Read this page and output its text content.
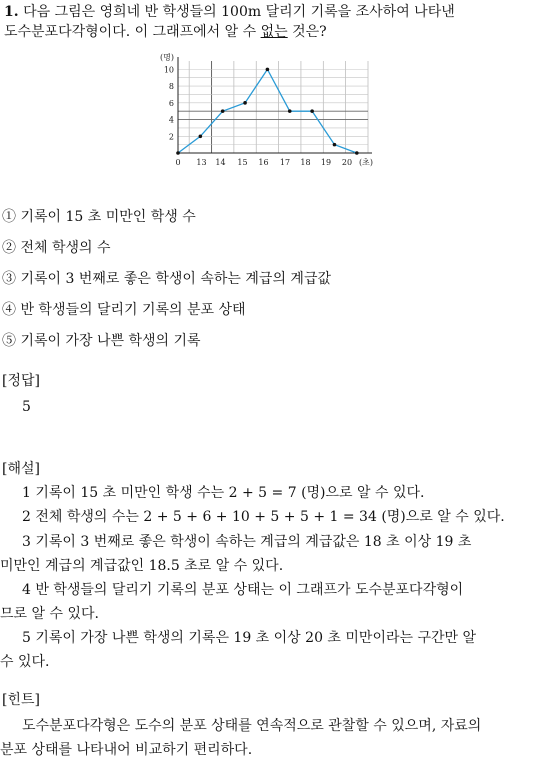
1. 다음 그림은 영희네 반 학생들의 100m 달리기 기록을 조사하여 나타낸
도수분포다각형이다. 이 그래프에서 알 수 없는 것은?
2
4
6
8
10
(명)
0 13 14 15 16 17 18 19 20 (초)
① 기록이 15 초 미만인 학생 수
② 전체 학생의 수
③ 기록이 3 번째로 좋은 학생이 속하는 계급의 계급값
④ 반 학생들의 달리기 기록의 분포 상태
⑤ 기록이 가장 나쁜 학생의 기록
[정답]
5
[해설]
1 기록이 15 초 미만인 학생 수는 2 + 5 = 7 (명)으로 알 수 있다.
2 전체 학생의 수는 2 + 5 + 6 + 10 + 5 + 5 + 1 = 34 (명)으로 알 수 있다.
3 기록이 3 번째로 좋은 학생이 속하는 계급의 계급값은 18 초 이상 19 초
미만인 계급의 계급값인 18.5 초로 알 수 있다.
4 반 학생들의 달리기 기록의 분포 상태는 이 그래프가 도수분포다각형이
므로 알 수 있다.
5 기록이 가장 나쁜 학생의 기록은 19 초 이상 20 초 미만이라는 구간만 알
수 있다.
[힌트]
도수분포다각형은 도수의 분포 상태를 연속적으로 관찰할 수 있으며, 자료의
분포 상태를 나타내어 비교하기 편리하다.
